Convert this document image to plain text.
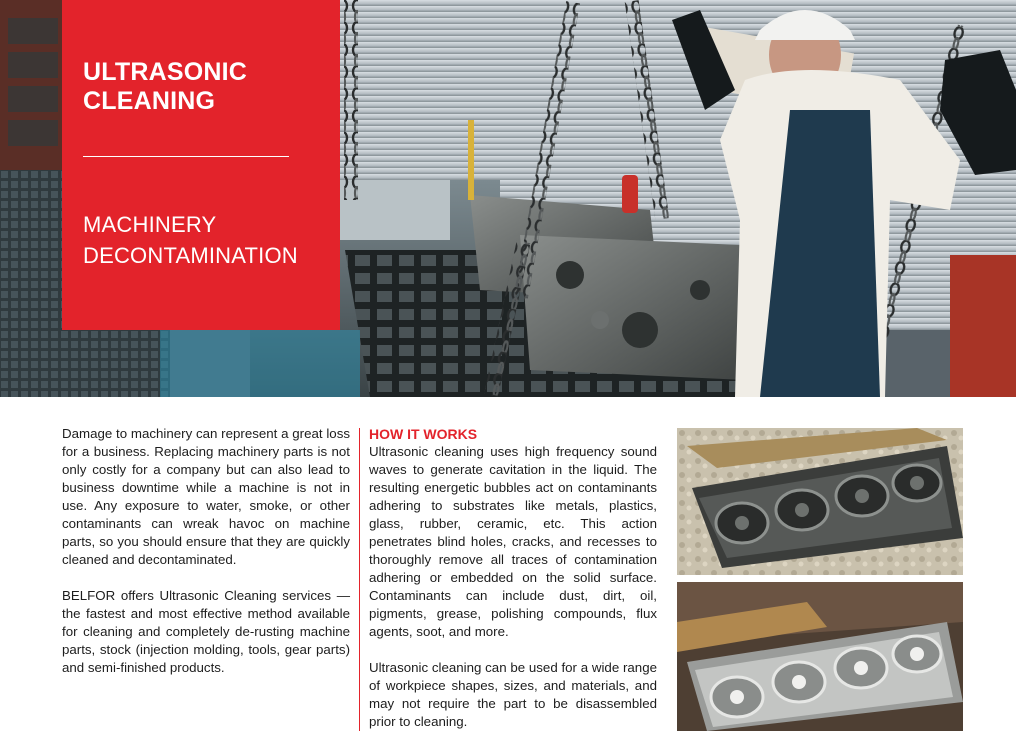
ULTRASONIC CLEANING
MACHINERY DECONTAMINATION

Damage to machinery can represent a great loss for a business. Replacing machinery parts is not only costly for a company but can also lead to business downtime while a machine is not in use. Any exposure to water, smoke, or other contaminants can wreak havoc on machine parts, so you should ensure that they are quickly cleaned and decontaminated.

BELFOR offers Ultrasonic Cleaning services — the fastest and most effective method available for cleaning and completely de-rusting machine parts, stock (injection molding, tools, gear parts) and semi-finished products.

HOW IT WORKS

Ultrasonic cleaning uses high frequency sound waves to generate cavitation in the liquid. The resulting energetic bubbles act on contaminants adhering to substrates like metals, plastics, glass, rubber, ceramic, etc. This action penetrates blind holes, cracks, and recesses to thoroughly remove all traces of contamination adhering or embedded on the solid surface. Contaminants can include dust, dirt, oil, pigments, grease, polishing compounds, flux agents, soot, and more.

Ultrasonic cleaning can be used for a wide range of workpiece shapes, sizes, and materials, and may not require the part to be disassembled prior to cleaning.
